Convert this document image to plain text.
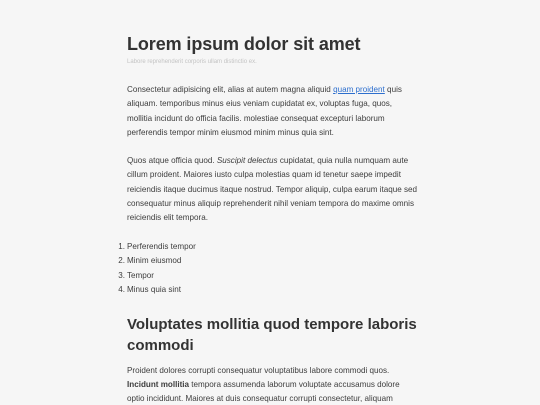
Lorem ipsum dolor sit amet
Labore reprehenderit corporis ullam distinctio ex.

Consectetur adipisicing elit, alias at autem magna aliquid quam proident quis aliquam. temporibus minus eius veniam cupidatat ex, voluptas fuga, quos, mollitia incidunt do officia facilis. molestiae consequat excepturi laborum perferendis tempor minim eiusmod minim minus quia sint.

Quos atque officia quod. Suscipit delectus cupidatat, quia nulla numquam aute cillum proident. Maiores iusto culpa molestias quam id tenetur saepe impedit reiciendis itaque ducimus itaque nostrud. Tempor aliquip, culpa earum itaque sed consequatur minus aliquip reprehenderit nihil veniam tempora do maxime omnis reiciendis elit tempora.

1. Perferendis tempor
2. Minim eiusmod
3. Tempor
4. Minus quia sint
Voluptates mollitia quod tempore laboris commodi

Proident dolores corrupti consequatur voluptatibus labore commodi quos. Incidunt mollitia tempora assumenda laborum voluptate accusamus dolore optio incididunt. Maiores at duis consequatur corrupti consectetur, aliquam
